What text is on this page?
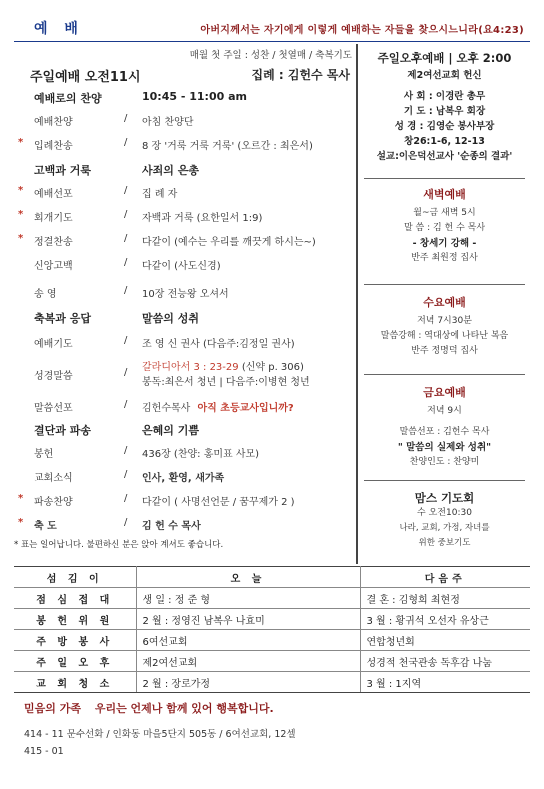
예 배	아버지께서는 자기에게 이렇게 예배하는 자들을 찾으시느니라(요4:23)
매월 첫 주일 : 성찬 / 첫열매 / 축복기도
주일예배 오전11시	집례 : 김헌수 목사
예배로의 찬양	10:45 - 11:00 am
예배찬양	/ 아침 찬양단
* 입례찬송	/ 8 장 '거룩 거룩 거룩' (오르간 : 최은서)
고백과 거룩	사죄의 은총
* 예배선포	/ 집 례 자
* 회개기도	/ 자백과 거룩 (요한일서 1:9)
* 정결찬송	/ 다같이 (예수는 우리를 깨끗게 하시는~)
신앙고백	/ 다같이 (사도신경)
송 영	/ 10장 전능왕 오셔서
축복과 응답	말씀의 성취
예배기도	/ 조 영 신 권사 (다음주:김정일 권사)
성경말씀	/ 갈라디아서 3 : 23-29 (신약 p. 306)
봉독:최은서 청년 | 다음주:이병현 청년
말씀선포	/ 김헌수목사 아직 초등교사입니까?
결단과 파송	은혜의 기쁨
봉헌	/ 436장 (찬양: 홍미표 사모)
교회소식	/ 인사, 환영, 새가족
* 파송찬양	/ 다같이 ( 사명선언문 / 꿈꾸제가 2 )
* 축 도	/ 김 헌 수 목사
* 표는 일어납니다. 불편하신 분은 앉아 계셔도 좋습니다.
주일오후예배 | 오후 2:00
제2여선교회 헌신
사 회 : 이경란 총무
기 도 : 남복우 회장
성 경 : 김영순 봉사부장
창26:1-6, 12-13
설교:이은덕선교사 '순종의 결과'
새벽예배
월~금 새벽 5시
말 씀 : 김 헌 수 목사
- 창세기 강해 -
반주 최원정 집사
수요예배
저녁 7시30분
말씀강해 : 역대상에 나타난 복음
반주 정명덕 집사
금요예배
저녁 9시
말씀선포 : 김헌수 목사
" 말씀의 실제와 성취"
찬양인도 : 찬양미
맘스 기도회
수 오전10:30
나라, 교회, 가정, 자녀를
위한 중보기도
섬 김 이	오 늘	다음주
점 심 접 대	생 일 : 정 준 형	결 혼 : 김형희 최현정
봉 헌 위 원	2 월 : 정영진 남복우 나효미	3 월 : 황귀석 오선자 유상근
주 방 봉 사	6여선교회	연합청년회
주 일 오 후	제2여선교회	성경적 천국관송 독후감 나눔
교 회 청 소	2 월 : 장로가정	3 월 : 1지역
믿음의 가족 우리는 언제나 함께 있어 행복합니다.
414 - 11 문수선화 / 인화동 마을5단지 505동 / 6여선교회, 12셀
415 - 01
